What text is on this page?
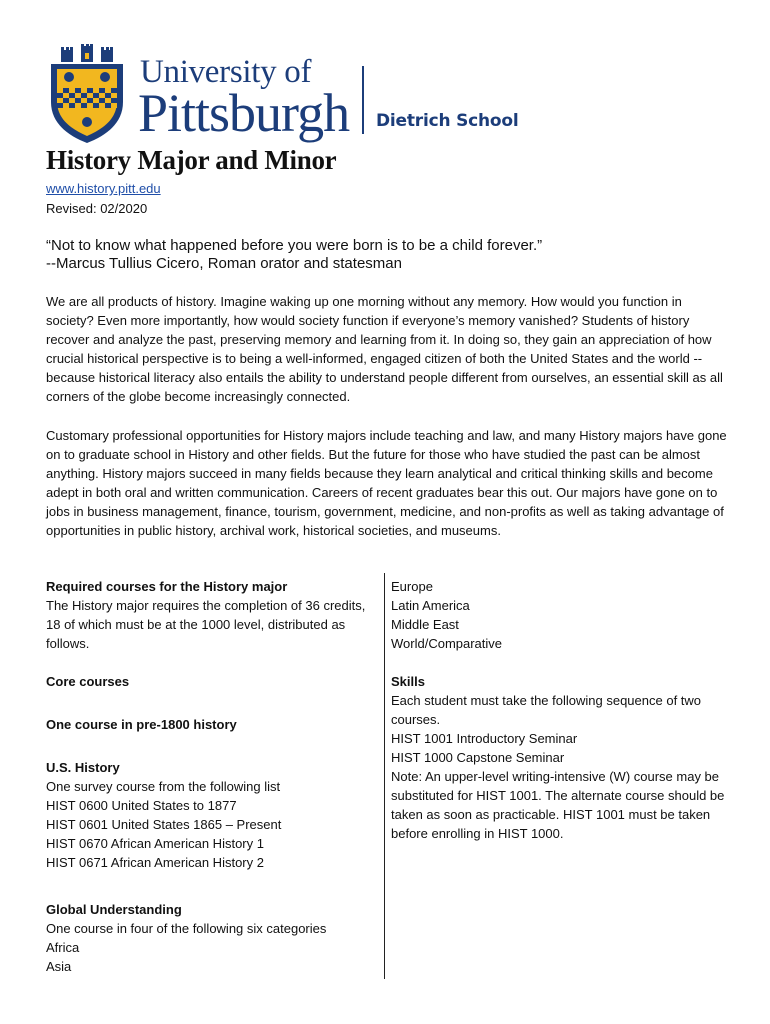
University of
Pittsburgh Dietrich School
History Major and Minor
www.history.pitt.edu
Revised: 02/2020
“Not to know what happened before you were born is to be a child forever.”
--Marcus Tullius Cicero, Roman orator and statesman

We are all products of history. Imagine waking up one morning without any memory. How would you function in society? Even more importantly, how would society function if everyone’s memory vanished? Students of history recover and analyze the past, preserving memory and learning from it. In doing so, they gain an appreciation of how crucial historical perspective is to being a well-informed, engaged citizen of both the United States and the world -- because historical literacy also entails the ability to understand people different from ourselves, an essential skill as all corners of the globe become increasingly connected.

Customary professional opportunities for History majors include teaching and law, and many History majors have gone on to graduate school in History and other fields. But the future for those who have studied the past can be almost anything. History majors succeed in many fields because they learn analytical and critical thinking skills and become adept in both oral and written communication. Careers of recent graduates bear this out. Our majors have gone on to jobs in business management, finance, tourism, government, medicine, and non-profits as well as taking advantage of opportunities in public history, archival work, historical societies, and museums.

Required courses for the History major
The History major requires the completion of 36 credits, 18 of which must be at the 1000 level, distributed as follows.
Core courses
One course in pre-1800 history
U.S. History
One survey course from the following list
HIST 0600 United States to 1877
HIST 0601 United States 1865 – Present
HIST 0670 African American History 1
HIST 0671 African American History 2
Global Understanding
One course in four of the following six categories
Africa
Asia
Europe
Latin America
Middle East
World/Comparative
Skills
Each student must take the following sequence of two courses.
HIST 1001 Introductory Seminar
HIST 1000 Capstone Seminar
Note: An upper-level writing-intensive (W) course may be substituted for HIST 1001. The alternate course should be taken as soon as practicable. HIST 1001 must be taken before enrolling in HIST 1000.
